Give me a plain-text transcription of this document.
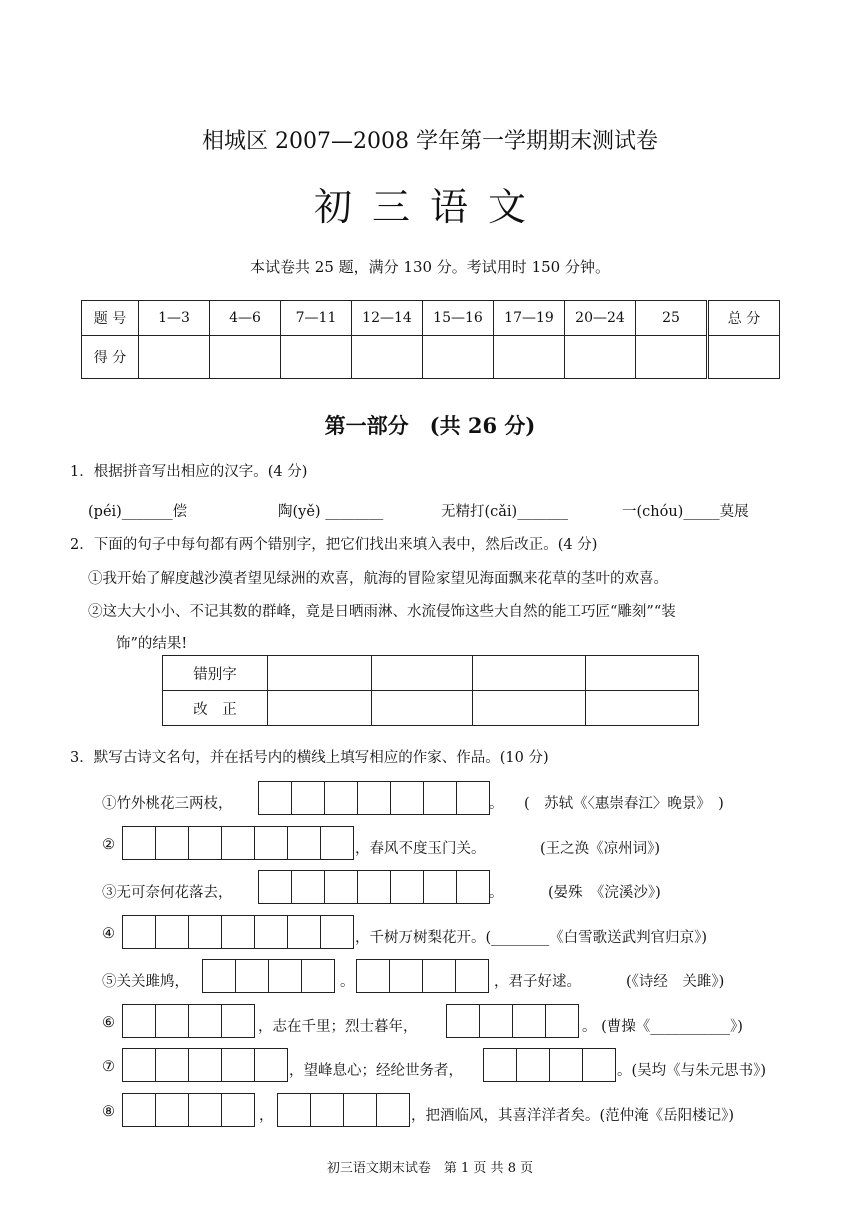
相城区 2007—2008 学年第一学期期末测试卷
初三语文
本试卷共 25 题，满分 130 分。考试用时 150 分钟。
题 号	1—3	4—6	7—11	12—14	15—16	17—19	20—24	25	总 分
得 分									
第一部分　(共 26 分)
1．根据拼音写出相应的汉字。(4 分)
(péi)_______偿	陶(yě) ________	无精打(cǎi)_______	一(chóu)_____莫展
2．下面的句子中每句都有两个错别字，把它们找出来填入表中，然后改正。(4 分)
①我开始了解度越沙漠者望见绿洲的欢喜，航海的冒险家望见海面飘来花草的茎叶的欢喜。
②这大大小小、不记其数的群峰，竟是日晒雨淋、水流侵饰这些大自然的能工巧匠“雕刻”“装
饰”的结果!
错别字				
改　正				
3．默写古诗文名句，并在括号内的横线上填写相应的作家、作品。(10 分)
①竹外桃花三两枝，	。 (　苏轼《〈惠崇春江〉晚景》　)
②	，春风不度玉门关。	(王之涣《凉州词》)
③无可奈何花落去，	。	(晏殊　《浣溪沙》)
④	，千树万树梨花开。(________《白雪歌送武判官归京》)
⑤关关雎鸠，	。	，君子好逑。	(《诗经　关雎》)
⑥	，志在千里；烈士暮年，	。 (曹操《___________》)
⑦	，望峰息心；经纶世务者，	。(吴均《与朱元思书》)
⑧	，	，把酒临风，其喜洋洋者矣。(范仲淹《岳阳楼记》)
初三语文期末试卷　第 1 页 共 8 页
